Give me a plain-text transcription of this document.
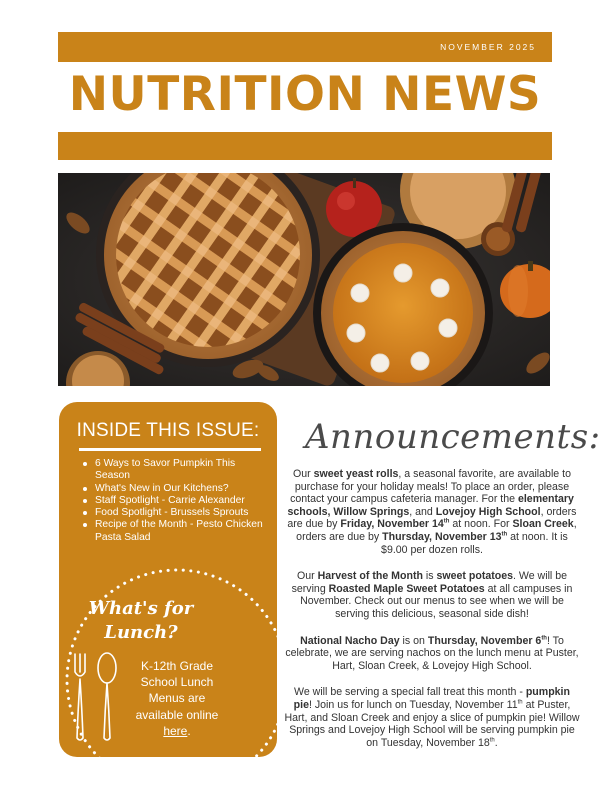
NOVEMBER 2025
NUTRITION NEWS
INSIDE THIS ISSUE:
6 Ways to Savor Pumpkin This Season
What's New in Our Kitchens?
Staff Spotlight - Carrie Alexander
Food Spotlight - Brussels Sprouts
Recipe of the Month - Pesto Chicken Pasta Salad
What's for
Lunch?
K-12th Grade School Lunch Menus are available online here.
Announcements:

Our sweet yeast rolls, a seasonal favorite, are available to purchase for your holiday meals! To place an order, please contact your campus cafeteria manager. For the elementary schools, Willow Springs, and Lovejoy High School, orders are due by Friday, November 14th at noon. For Sloan Creek, orders are due by Thursday, November 13th at noon. It is $9.00 per dozen rolls.

Our Harvest of the Month is sweet potatoes. We will be serving Roasted Maple Sweet Potatoes at all campuses in November. Check out our menus to see when we will be serving this delicious, seasonal side dish!

National Nacho Day is on Thursday, November 6th! To celebrate, we are serving nachos on the lunch menu at Puster, Hart, Sloan Creek, & Lovejoy High School.

We will be serving a special fall treat this month - pumpkin pie! Join us for lunch on Tuesday, November 11th at Puster, Hart, and Sloan Creek and enjoy a slice of pumpkin pie! Willow Springs and Lovejoy High School will be serving pumpkin pie on Tuesday, November 18th.
